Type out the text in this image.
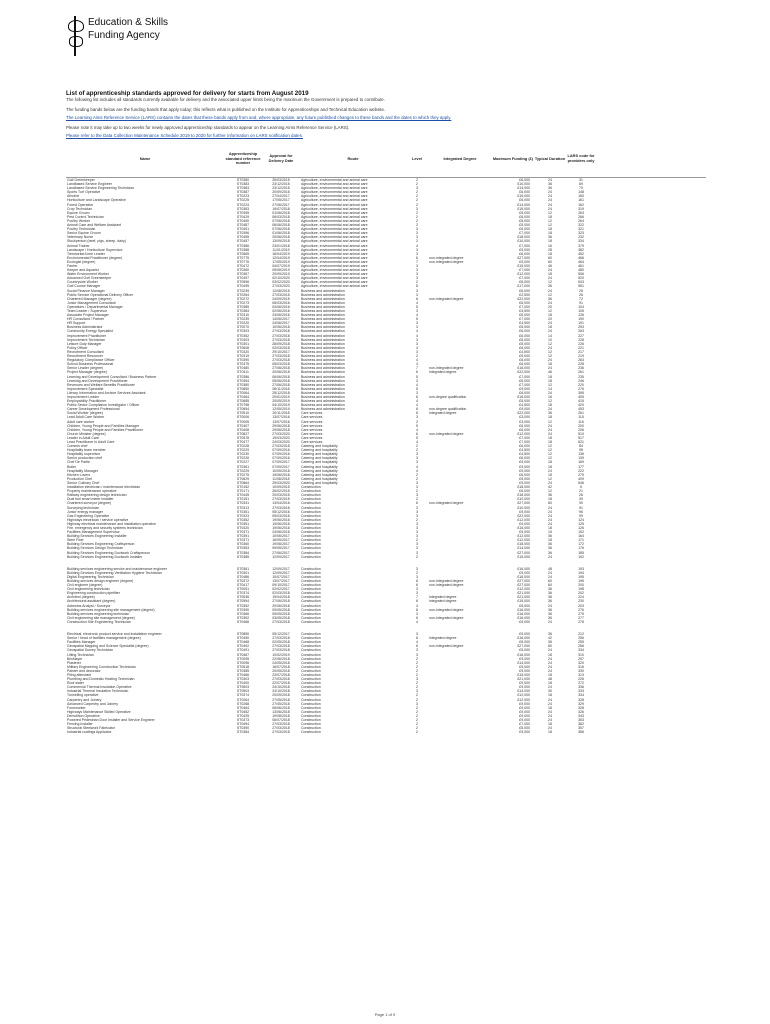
Education & Skills
Funding Agency
List of apprenticeship standards approved for delivery for starts from August 2019
The following list includes all standards currently available for delivery and the associated upper limits being the maximum the Government is prepared to contribute.
The funding bands below are the funding bands that apply today; this reflects what is published on the Institute for Apprenticeships and Technical Education website.
The Learning Aims Reference Service (LARS) contains the dates that these bands apply from and, where appropriate, any future published changes to these bands and the dates to which they apply.
Please note it may take up to two weeks for newly approved apprenticeship standards to appear on the Learning Aims Reference Service (LARS).
Please refer to the Data Collection Maintenance Schedule 2019 to 2020 for further information on LARS notification dates.
Name	Apprenticeship standard reference number	Approval for Delivery Date	Route	Level	Integrated Degree	Maximum Funding (£)	Typical Duration	LARS code for providers only	
Golf Greenkeeper	ST0380	26/03/2015	Agriculture, environmental and animal care	2		£6,000	24	31	
Landbased Service Engineer	ST0383	23/12/2015	Agriculture, environmental and animal care	2		£10,000	36	69	
Landbased Service Engineering Technician	ST0383	23/12/2015	Agriculture, environmental and animal care	3		£14,000	36	70	
Sports Turf Operative	ST0387	20/09/2016	Agriculture, environmental and animal care	2		£6,000	24	148	
Arborist	ST0223	27/04/2017	Agriculture, environmental and animal care	2		£15,000	24	160	
Horticulture and Landscape Operative	ST0225	17/05/2017	Agriculture, environmental and animal care	2		£6,000	24	161	
Forest Operative	ST0224	27/06/2017	Agriculture, environmental and animal care	2		£14,000	24	162	
Crop Technician	ST0383	19/07/2018	Agriculture, environmental and animal care	3		£15,000	24	319	
Equine Groom	ST0395	01/06/2018	Agriculture, environmental and animal care	2		£5,000	12	263	
Pest Control Technician	ST0429	06/03/2018	Agriculture, environmental and animal care	2		£6,000	18	266	
Poultry Worker	ST0490	07/06/2018	Agriculture, environmental and animal care	2		£5,000	12	264	
Animal Care and Welfare Assistant	ST0487	06/06/2018	Agriculture, environmental and animal care	2		£5,000	12	322	
Poultry Technician	ST0491	07/06/2018	Agriculture, environmental and animal care	3		£6,000	18	321	
Senior Equine Groom	ST0396	01/06/2018	Agriculture, environmental and animal care	3		£7,000	18	323	
Veterinary Nurse	ST0455	20/06/2018	Agriculture, environmental and animal care	3		£18,000	36	232	
Stockperson (beef, pigs, sheep, dairy)	ST0457	13/09/2018	Agriculture, environmental and animal care	2		£10,000	18	334	
Animal Trainer	ST0386	23/01/2018	Agriculture, environmental and animal care	4		£7,000	16	379	
Landscape / Horticulture Supervisor	ST0388	11/01/2019	Agriculture, environmental and animal care	3		£9,000	28	382	
Treeworker/Lime Leader	ST0565	16/04/2019	Agriculture, environmental and animal care	3		£6,000	18	452	
Environmental Practitioner (degree)	ST0775	12/04/2019	Agriculture, environmental and animal care	6	non-integrated degree	£27,000	60	466	
Ecologist (degree)	ST0776	17/05/2019	Agriculture, environmental and animal care	7	non-integrated degree	£9,000	60	464	
Farrier	ST0472	04/07/2019	Agriculture, environmental and animal care	3		£15,000	46	461	
Keeper and Aquarist	ST0360	05/06/2019	Agriculture, environmental and animal care	3		£7,000	24	480	
Water Environment Worker	ST0367	20/09/2019	Agriculture, environmental and animal care	3		£12,000	18	506	
Advanced Golf Greenkeeper	ST0497	02/10/2020	Agriculture, environmental and animal care	3		£7,000	24	520	
Countryside Worker	ST0596	03/02/2020	Agriculture, environmental and animal care	2		£6,000	12	543	
Golf Course Manager	ST0495	27/03/2020	Agriculture, environmental and animal care	5		£17,000	36	551	
Social Finance Manager	ST0239	12/06/2015	Business and administration	3		£6,000	24	25	
Public Service Operational Delivery Officer	ST0264	27/03/2015	Business and administration	3		£2,500	12	26	
Chartered Manager (degree)	ST0272	24/09/2015	Business and administration	6	non-integrated degree	£22,000	36	72	
Junior Management Consultant	ST0273	06/03/2016	Business and administration	4		£6,000	24	91	
Operations / Departmental Manager	ST0385	04/06/2016	Business and administration	5		£7,000	20	104	
Team Leader / Supervisor	ST0384	02/06/2016	Business and administration	3		£4,500	12	105	
Associate Project Manager	ST0310	24/06/2016	Business and administration	4		£6,000	18	126	
HR Consultant / Partner	ST0239	14/06/2017	Business and administration	5		£7,000	20	190	
HR Support	ST0220	24/06/2017	Business and administration	3		£4,500	24	191	
Business Administrator	ST0070	10/06/2018	Business and administration	3		£5,000	18	253	
Community Energy Specialist	ST0303	27/03/2018	Business and administration	4		£6,000	24	263	
Improvement Practitioner	ST0352	27/03/2018	Business and administration	4		£6,000	14	227	
Improvement Technician	ST0303	27/03/2018	Business and administration	3		£5,000	10	228	
Leisure Duty Manager	ST0301	28/09/2018	Business and administration	3		£5,000	12	226	
Policy Officer	ST0608	02/03/2018	Business and administration	4		£6,000	24	221	
Recruitment Consultant	ST0320	29/10/2017	Business and administration	3		£4,500	12	217	
Recruitment Resourcer	ST0319	27/03/2018	Business and administration	2		£5,000	12	219	
Regulatory Compliance Officer	ST0390	27/03/2018	Business and administration	4		£6,000	24	263	
School Business Professional	ST0375	05/03/2018	Business and administration	4		£6,000	18	228	
Senior Leader (degree)	ST0480	27/06/2018	Business and administration	7	non-integrated degree	£16,000	24	236	
Project Manager (degree)	ST0411	20/06/2018	Business and administration	6	integrated degree	£22,000	46	261	
Learning and Development Consultant / Business Partner	ST0386	06/06/2018	Business and administration	5		£7,000	18	235	
Learning and Development Practitioner	ST0394	05/06/2018	Business and administration	3		£6,000	18	246	
Revenues and Welfare Benefits Practitioner	ST0380	27/06/2018	Business and administration	4		£7,000	12	220	
Improvement Specialist	ST0850	06/11/2018	Business and administration	5		£9,000	14	276	
Library, Information and Archive Services Assistant	ST0064	25/12/2018	Business and administration	3		£6,000	24	395	
Improvement Leader	ST0464	20/01/2019	Business and administration	6	non-degree qualification	£16,000	16	405	
Employability Practitioner	ST0685	20/05/2019	Business and administration	4		£5,000	12	415	
Public Sector Compliance Investigator / Officer	ST0798	04/10/2019	Business and administration	4		£4,500	18	420	
Career Development Professional	ST0694	12/05/2019	Business and administration	6	non-degree qualification	£9,000	24	453	
Social Worker (degree)	ST0510	20/11/2018	Care services	6	integrated degree	£22,000	36	261	
Lead Adult Care Worker	ST0006	13/07/2016	Care services	3		£3,000	18	115	
Adult care worker	ST0005	13/07/2016	Care services	2		£3,000	12	116	
Children, Young People and Families Manager	ST0407	29/06/2018	Care services	5		£6,000	24	200	
Children, Young People and Families Practitioner	ST0408	29/06/2018	Care services	4		£6,000	24	206	
Church Minister (degree)	ST0827	27/03/2020	Care services	6	non-integrated degree	£12,000	24	510	
Leader in Adult Care	ST0578	19/03/2020	Care services	5		£7,000	18	517	
Lead Practitioner in Adult Care	ST0477	24/03/2020	Care services	4		£7,000	18	521	
Commis chef	ST0228	27/03/2018	Catering and hospitality	2		£6,000	12	84	
Hospitality team member	ST0229	07/09/2016	Catering and hospitality	2		£4,500	12	98	
Hospitality supervisor	ST0230	07/09/2016	Catering and hospitality	3		£4,500	12	136	
Senior production chef	ST0226	07/09/2016	Catering and hospitality	3		£6,000	12	139	
Chef De Partie	ST0227	07/09/2017	Catering and hospitality	3		£9,000	18	169	
Butler	ST0361	07/09/2017	Catering and hospitality	4		£9,000	18	177	
Hospitality Manager	ST0229	10/05/2018	Catering and hospitality	4		£9,000	24	222	
Kitchen Lovers	ST0275	19/06/2018	Catering and hospitality	2		£6,000	18	279	
Production Chef	ST0629	11/08/2018	Catering and hospitality	2		£5,000	12	409	
Senior Culinary Chef	ST0664	25/03/2020	Catering and hospitality	3		£9,000	24	546	
Installation electrician / maintenance electrician	ST0152	10/09/2015	Construction	3		£18,000	42	5	
Property maintenance operative	ST0171	26/02/2015	Construction	2		£6,000	12	21	
Railway engineering design technician	ST0445	20/03/2015	Construction	3		£18,000	36	26	
Dual fuel smart meter installer	ST0151	27/03/2015	Construction	2		£10,000	18	39	
Chartered surveyor (degree)	ST0331	13/04/2016	Construction	6	non-integrated degree	£27,000	60	90	
Surveying technician	ST0313	27/03/2016	Construction	3		£10,000	24	91	
Junior energy manager	ST0351	05/12/2016	Construction	3		£9,000	24	96	
Gas Engineering Operative	ST0323	05/03/2016	Construction	3		£22,000	24	99	
Highways electrician / service operative	ST0352	19/06/2016	Construction	2		£12,000	24	124	
Highway electrical maintenance and installation operative	ST0351	19/06/2016	Construction	3		£9,000	24	125	
Fire, emergency and security systems technician	ST0420	19/06/2016	Construction	3		£16,000	18	126	
Facilities Management Supervisor	ST0371	24/06/2016	Construction	3		£9,000	15	152	
Building Services Engineering Installer	ST0391	10/06/2017	Construction	3		£12,000	36	164	
Steel Fixer	ST0371	16/05/2017	Construction	2		£12,000	18	171	
Building Services Engineering Craftsperson	ST0360	19/06/2017	Construction	3		£18,000	36	172	
Building Services Design Technician	ST0353	09/05/2017	Construction	3		£14,000	36	176	
Building Services Engineering Ductwork Craftsperson	ST0384	27/06/2017	Construction	3		£27,000	36	185	
Building Services Engineering Ductwork Installer	ST0385	12/09/2017	Construction	2		£15,000	24	192	

Building services engineering service and maintenance engineer	ST0361	12/09/2017	Construction	3		£16,000	48	193	
Building Services Engineering Ventilation Hygiene Technician	ST0301	12/09/2017	Construction	2		£9,000	24	194	
Digital Engineering Technician	ST0486	10/07/2017	Construction	3		£16,000	24	195	
Building services design engineer (degree)	ST0372	13/07/2017	Construction	6	non-integrated degree	£27,000	60	196	
Civil engineer (degree)	ST0417	09/10/2017	Construction	6	non-integrated degree	£27,000	60	200	
Civil engineering technician	ST0091	02/02/2017	Construction	3		£12,000	36	198	
Engineering construction pipefitter	ST0374	02/03/2018	Construction	3		£21,000	36	202	
Architect (degree)	ST0536	19/04/2018	Construction	7	integrated degree	£21,000	36	224	
Architectural assistant (degree)	ST0554	27/06/2018	Construction	6	integrated degree	£15,000	36	230	
Asbestos Analyst / Surveyor	ST0352	20/06/2018	Construction	4		£6,000	24	203	
Building services engineering site management (degree)	ST0390	09/05/2018	Construction	6	non-integrated degree	£16,000	36	276	
Building services engineering technician	ST0366	09/05/2018	Construction	3		£16,000	36	275	
Civil engineering site management (degree)	ST0352	03/05/2018	Construction	6	non-integrated degree	£16,000	36	277	
Construction Site Engineering Technician	ST0466	27/03/2018	Construction	4		£9,000	24	278	

Electrical, electronic product service and installation engineer	ST0850	05/12/2017	Construction	3		£9,000	36	212	
Senior / head of facilities management (degree)	ST0450	27/03/2018	Construction	6	integrated degree	£16,000	42	256	
Facilities Manager	ST0468	02/05/2018	Construction	4		£6,000	36	255	
Geospatial Mapping and Science Specialist (degree)	ST0492	27/03/2018	Construction	6	non-integrated degree	£27,000	60	256	
Geospatial Survey Technician	ST0491	27/03/2018	Construction	3		£5,000	24	334	
Lifting Technician	ST0467	10/02/2019	Construction	3		£16,000	18	310	
Bricklayer	ST0095	22/06/2018	Construction	2		£9,000	24	297	
Plasterer	ST0096	24/05/2018	Construction	2		£14,000	24	320	
Military Engineering Construction Technician	ST0518	16/07/2018	Construction	2		£5,000	24	316	
Painter and decorator	ST0385	20/05/2018	Construction	2		£9,000	24	330	
Piling attendant	ST0466	23/07/2018	Construction	2		£15,000	18	313	
Plumbing and Domestic Heating Technician	ST0303	27/03/2018	Construction	3		£21,000	48	226	
Roof slater	ST0400	22/07/2018	Construction	2		£9,000	18	272	
Commercial Thermal Insulation Operative	ST0503	24/10/2018	Construction	2		£9,000	24	336	
Industrial Thermal Insulation Technician	ST0503	24/10/2018	Construction	3		£14,000	30	333	
Tunnelling operative	ST0374	20/09/2018	Construction	2		£12,000	18	334	
Carpentry and Joinery	ST0264	27/05/2018	Construction	2		£12,000	24	328	
Advanced Carpentry and Joinery	ST0268	27/05/2018	Construction	3		£9,000	24	329	
Formworker	ST0464	06/06/2018	Construction	2		£9,000	18	328	
Highways Maintenance Skilled Operative	ST0452	13/06/2018	Construction	2		£9,000	24	326	
Demolition Operative	ST0425	19/08/2018	Construction	2		£9,000	24	343	
Powered Pedestrian Door Installer and Service Engineer	ST0373	06/07/2018	Construction	2		£9,000	24	353	
Fencing Installer	ST0494	27/03/2018	Construction	2		£7,000	18	362	
Structural Steelwork Fabricator	ST0390	27/03/2018	Construction	2		£5,000	24	357	
Industrial coatings Applicator	ST0384	27/03/2018	Construction	2		£9,000	18	356	
Page 1 of 9
